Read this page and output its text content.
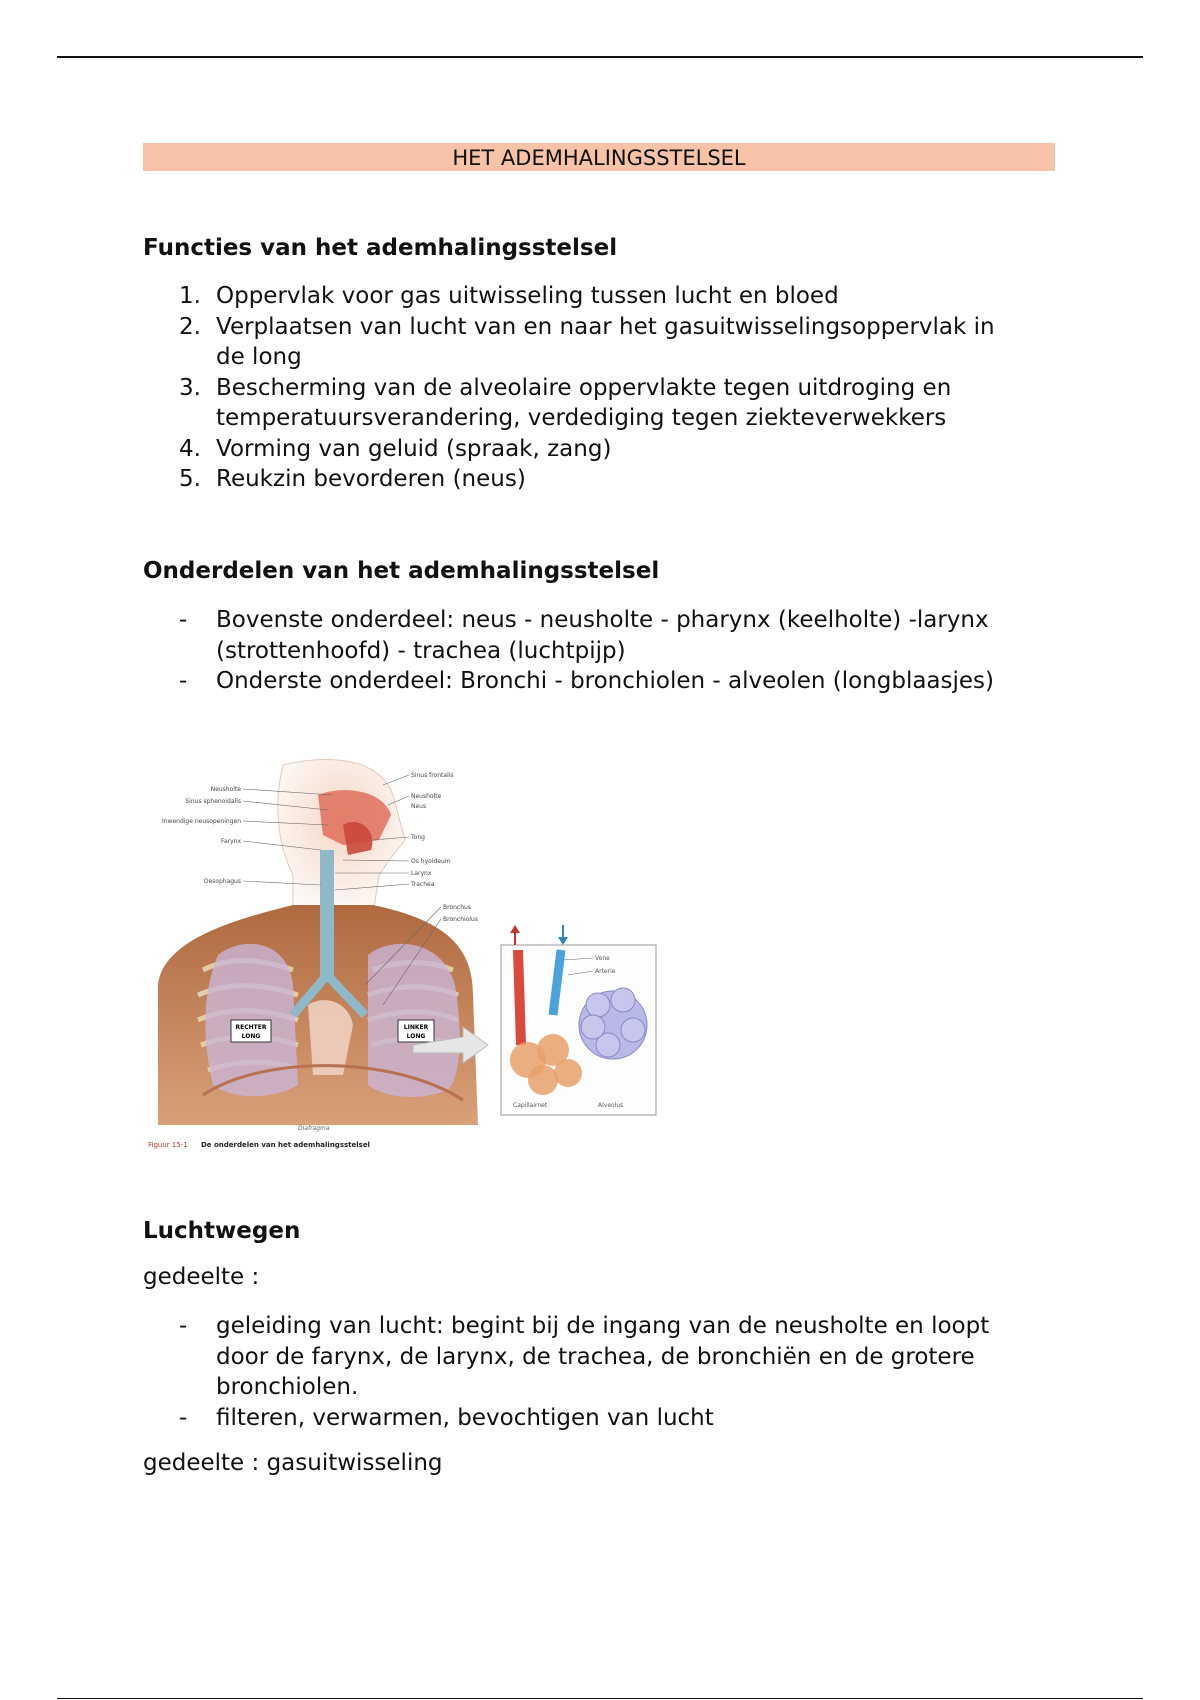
HET ADEMHALINGSSTELSEL
Functies van het ademhalingsstelsel
1. Oppervlak voor gas uitwisseling tussen lucht en bloed
2. Verplaatsen van lucht van en naar het gasuitwisselingsoppervlak in
de long
3. Bescherming van de alveolaire oppervlakte tegen uitdroging en
temperatuursverandering, verdediging tegen ziekteverwekkers
4. Vorming van geluid (spraak, zang)
5. Reukzin bevorderen (neus)
Onderdelen van het ademhalingsstelsel
- Bovenste onderdeel: neus - neusholte - pharynx (keelholte) -larynx
(strottenhoofd) - trachea (luchtpijp)
- Onderste onderdeel: Bronchi - bronchiolen - alveolen (longblaasjes)
RECHTER
LONG
LINKER
LONG
Neusholte
Sinus sphenoidalis
Inwendige neusopeningen
Farynx
Oesophagus
Sinus frontalis
Neusholte
Neus
Tong
Os hyoideum
Larynx
Trachea
Bronchus
Bronchiolus
Diafragma
Vene
Arterie
Capillairnet	Alveolus
Figuur 15-1 De onderdelen van het ademhalingsstelsel
Luchtwegen
gedeelte :
- geleiding van lucht: begint bij de ingang van de neusholte en loopt
door de farynx, de larynx, de trachea, de bronchiën en de grotere
bronchiolen.
- filteren, verwarmen, bevochtigen van lucht
gedeelte : gasuitwisseling
